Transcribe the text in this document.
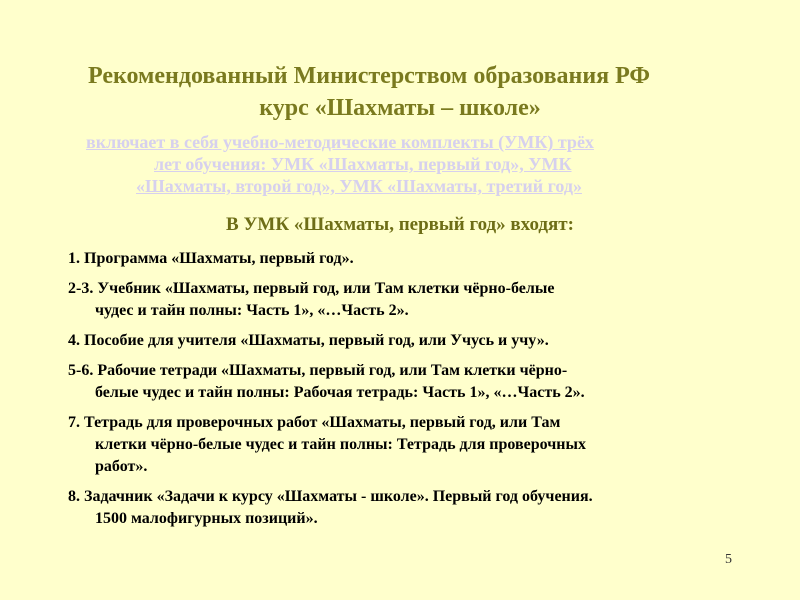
Рекомендованный Министерством образования РФ
курс «Шахматы – школе»
включает в себя учебно-методические комплекты (УМК) трёх
лет обучения: УМК «Шахматы, первый год», УМК
«Шахматы, второй год», УМК «Шахматы, третий год»
В УМК «Шахматы, первый год» входят:
1. Программа «Шахматы, первый год».
2-3. Учебник «Шахматы, первый год, или Там клетки чёрно-белые
чудес и тайн полны: Часть 1», «…Часть 2».
4. Пособие для учителя «Шахматы, первый год, или Учусь и учу».
5-6. Рабочие тетради «Шахматы, первый год, или Там клетки чёрно-
белые чудес и тайн полны: Рабочая тетрадь: Часть 1», «…Часть 2».
7. Тетрадь для проверочных работ «Шахматы, первый год, или Там
клетки чёрно-белые чудес и тайн полны: Тетрадь для проверочных
работ».
8. Задачник «Задачи к курсу «Шахматы - школе». Первый год обучения.
1500 малофигурных позиций».
5
